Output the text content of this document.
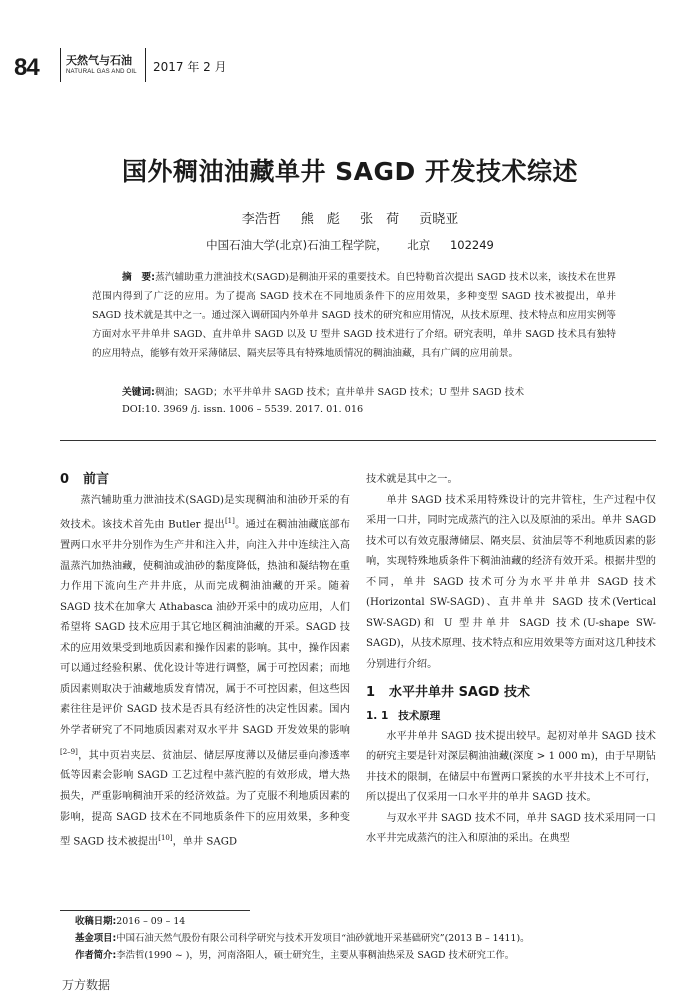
84 天然气与石油
NATURAL GAS AND OIL 2017 年 2 月
国外稠油油藏单井 SAGD 开发技术综述
李浩哲 熊　彪 张　荷 贡晓亚
中国石油大学(北京)石油工程学院， 北京 102249
摘　要:蒸汽辅助重力泄油技术(SAGD)是稠油开采的重要技术。自巴特勒首次提出 SAGD 技术以来，该技术在世界范围内得到了广泛的应用。为了提高 SAGD 技术在不同地质条件下的应用效果，多种变型 SAGD 技术被提出，单井 SAGD 技术就是其中之一。通过深入调研国内外单井 SAGD 技术的研究和应用情况，从技术原理、技术特点和应用实例等方面对水平井单井 SAGD、直井单井 SAGD 以及 U 型井 SAGD 技术进行了介绍。研究表明，单井 SAGD 技术具有独特的应用特点，能够有效开采薄储层、隔夹层等具有特殊地质情况的稠油油藏，具有广阔的应用前景。
关键词:稠油；SAGD；水平井单井 SAGD 技术；直井单井 SAGD 技术；U 型井 SAGD 技术
DOI:10. 3969 /j. issn. 1006 – 5539. 2017. 01. 016
0 前言

蒸汽辅助重力泄油技术(SAGD)是实现稠油和油砂开采的有效技术。该技术首先由 Butler 提出[1]。通过在稠油油藏底部布置两口水平井分别作为生产井和注入井，向注入井中连续注入高温蒸汽加热油藏，使稠油或油砂的黏度降低，热油和凝结物在重力作用下流向生产井井底，从而完成稠油油藏的开采。随着 SAGD 技术在加拿大 Athabasca 油砂开采中的成功应用，人们希望将 SAGD 技术应用于其它地区稠油油藏的开采。SAGD 技术的应用效果受到地质因素和操作因素的影响。其中，操作因素可以通过经验积累、优化设计等进行调整，属于可控因素；而地质因素则取决于油藏地质发育情况，属于不可控因素，但这些因素往往是评价 SAGD 技术是否具有经济性的决定性因素。国内外学者研究了不同地质因素对双水平井 SAGD 开发效果的影响[2–9]，其中页岩夹层、贫油层、储层厚度薄以及储层垂向渗透率低等因素会影响 SAGD 工艺过程中蒸汽腔的有效形成，增大热损失，严重影响稠油开采的经济效益。为了克服不利地质因素的影响，提高 SAGD 技术在不同地质条件下的应用效果，多种变型 SAGD 技术被提出[10]，单井 SAGD

技术就是其中之一。

单井 SAGD 技术采用特殊设计的完井管柱，生产过程中仅采用一口井，同时完成蒸汽的注入以及原油的采出。单井 SAGD 技术可以有效克服薄储层、隔夹层、贫油层等不利地质因素的影响，实现特殊地质条件下稠油油藏的经济有效开采。根据井型的不同，单井 SAGD 技术可分为水平井单井 SAGD 技术(Horizontal SW-SAGD)、直井单井 SAGD 技术(Vertical SW-SAGD)和 U 型井单井 SAGD 技术(U-shape SW-SAGD)，从技术原理、技术特点和应用效果等方面对这几种技术分别进行介绍。

1 水平井单井 SAGD 技术
1. 1 技术原理

水平井单井 SAGD 技术提出较早。起初对单井 SAGD 技术的研究主要是针对深层稠油油藏(深度 > 1 000 m)，由于早期钻井技术的限制，在储层中布置两口紧挨的水平井技术上不可行，所以提出了仅采用一口水平井的单井 SAGD 技术。

与双水平井 SAGD 技术不同，单井 SAGD 技术采用同一口水平井完成蒸汽的注入和原油的采出。在典型

收稿日期:2016 – 09 – 14
基金项目:中国石油天然气股份有限公司科学研究与技术开发项目“油砂就地开采基础研究”(2013 B – 1411)。
作者简介:李浩哲(1990 ~ )，男，河南洛阳人，硕士研究生，主要从事稠油热采及 SAGD 技术研究工作。
万方数据
